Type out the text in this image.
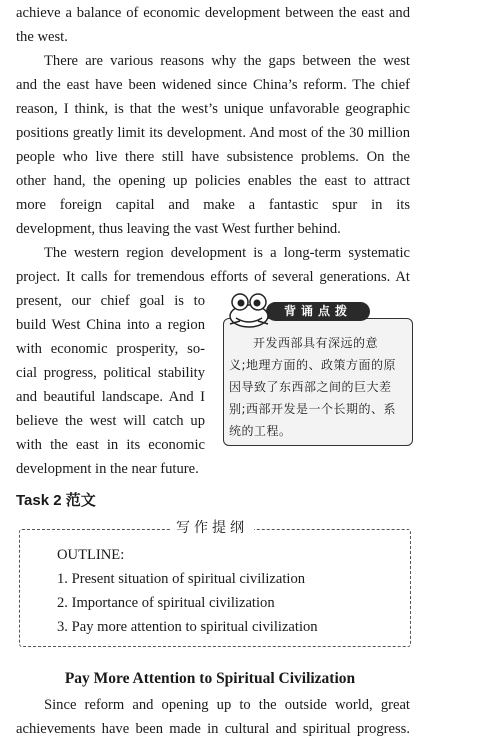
achieve a balance of economic development between the east and
the west.
There are various reasons why the gaps between the west
and the east have been widened since China’s reform. The chief
reason, I think, is that the west’s unique unfavorable geographic
positions greatly limit its development. And most of the 30 million
people who live there still have subsistence problems. On the
other hand, the opening up policies enables the east to attract
more foreign capital and make a fantastic spur in its
development, thus leaving the vast West further behind.
The western region development is a long-term systematic
project. It calls for tremendous efforts of several generations. At
present, our chief goal is to
build West China into a region
with economic prosperity, so-
cial progress, political stability
and beautiful landscape. And I
believe the west will catch up
with the east in its economic
development in the near future.
背诵点拨
开发西部具有深远的意
义;地理方面的、政策方面的原
因导致了东西部之间的巨大差
别;西部开发是一个长期的、系
统的工程。
Task 2 范文
写作提纲
OUTLINE:
1. Present situation of spiritual civilization
2. Importance of spiritual civilization
3. Pay more attention to spiritual civilization
Pay More Attention to Spiritual Civilization
Since reform and opening up to the outside world, great
achievements have been made in cultural and spiritual progress.
